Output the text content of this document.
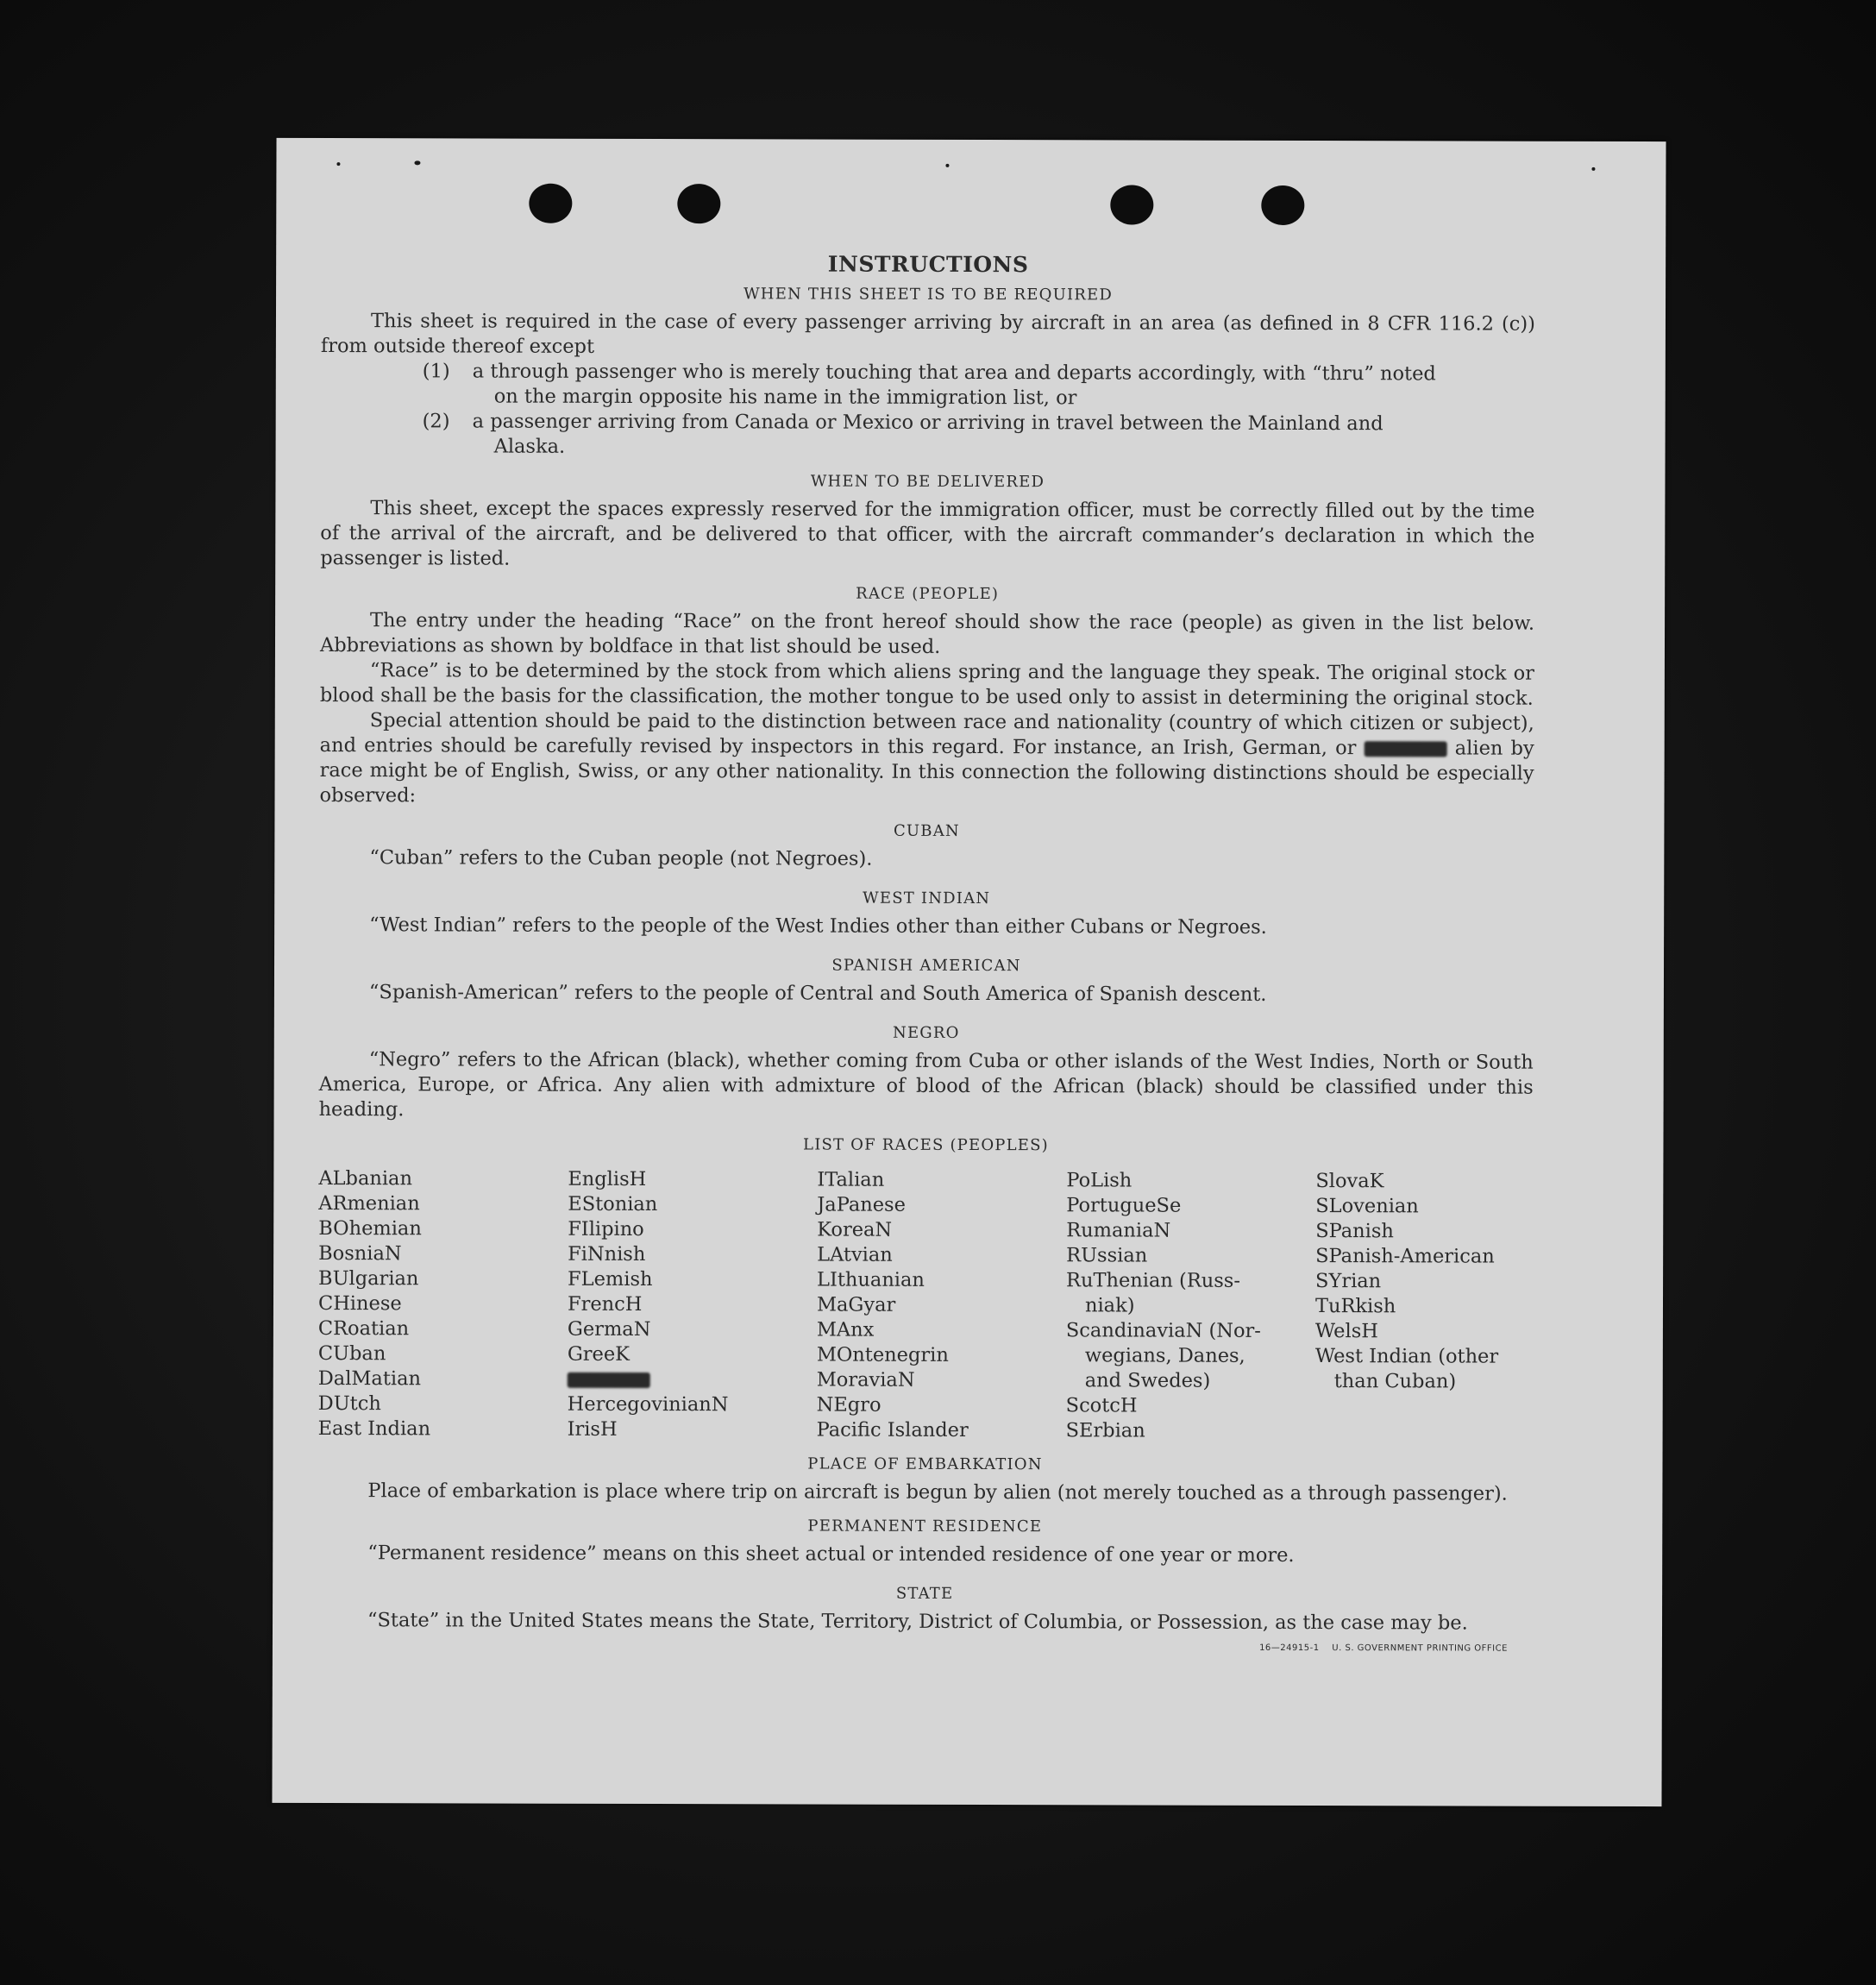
INSTRUCTIONS
WHEN THIS SHEET IS TO BE REQUIRED

This sheet is required in the case of every passenger arriving by aircraft in an area (as defined in 8 CFR 116.2 (c)) from outside thereof except

(1)	a through passenger who is merely touching that area and departs accordingly, with “thru” noted
on the margin opposite his name in the immigration list, or
(2)	a passenger arriving from Canada or Mexico or arriving in travel between the Mainland and
Alaska.
WHEN TO BE DELIVERED

This sheet, except the spaces expressly reserved for the immigration officer, must be correctly filled out by the time of the arrival of the aircraft, and be delivered to that officer, with the aircraft commander’s declaration in which the passenger is listed.

RACE (PEOPLE)

The entry under the heading “Race” on the front hereof should show the race (people) as given in the list below. Abbreviations as shown by boldface in that list should be used.

“Race” is to be determined by the stock from which aliens spring and the language they speak. The original stock or blood shall be the basis for the classification, the mother tongue to be used only to assist in determining the original stock.

Special attention should be paid to the distinction between race and nationality (country of which citizen or subject), and entries should be carefully revised by inspectors in this regard. For instance, an Irish, German, or	alien by race might be of English, Swiss, or any other nationality. In this connection the following distinctions should be especially observed:

CUBAN

“Cuban” refers to the Cuban people (not Negroes).

WEST INDIAN

“West Indian” refers to the people of the West Indies other than either Cubans or Negroes.

SPANISH AMERICAN

“Spanish-American” refers to the people of Central and South America of Spanish descent.

NEGRO

“Negro” refers to the African (black), whether coming from Cuba or other islands of the West Indies, North or South America, Europe, or Africa. Any alien with admixture of blood of the African (black) should be classified under this heading.

LIST OF RACES (PEOPLES)
ALbanian
ARmenian
BOhemian
BosniaN
BUlgarian
CHinese
CRoatian
CUban
DalMatian
DUtch
East Indian
EnglisH
EStonian
FIlipino
FiNnish
FLemish
FrencH
GermaN
GreeK
HercegovinianN
IrisH
ITalian
JaPanese
KoreaN
LAtvian
LIthuanian
MaGyar
MAnx
MOntenegrin
MoraviaN
NEgro
Pacific Islander
PoLish
PortugueSe
RumaniaN
RUssian
RuThenian (Russ-
niak)
ScandinaviaN (Nor-
wegians, Danes,
and Swedes)
ScotcH
SErbian
SlovaK
SLovenian
SPanish
SPanish-American
SYrian
TuRkish
WelsH
West Indian (other
than Cuban)
PLACE OF EMBARKATION

Place of embarkation is place where trip on aircraft is begun by alien (not merely touched as a through passenger).

PERMANENT RESIDENCE

“Permanent residence” means on this sheet actual or intended residence of one year or more.

STATE

“State” in the United States means the State, Territory, District of Columbia, or Possession, as the case may be.

16—24915-1 U. S. GOVERNMENT PRINTING OFFICE
